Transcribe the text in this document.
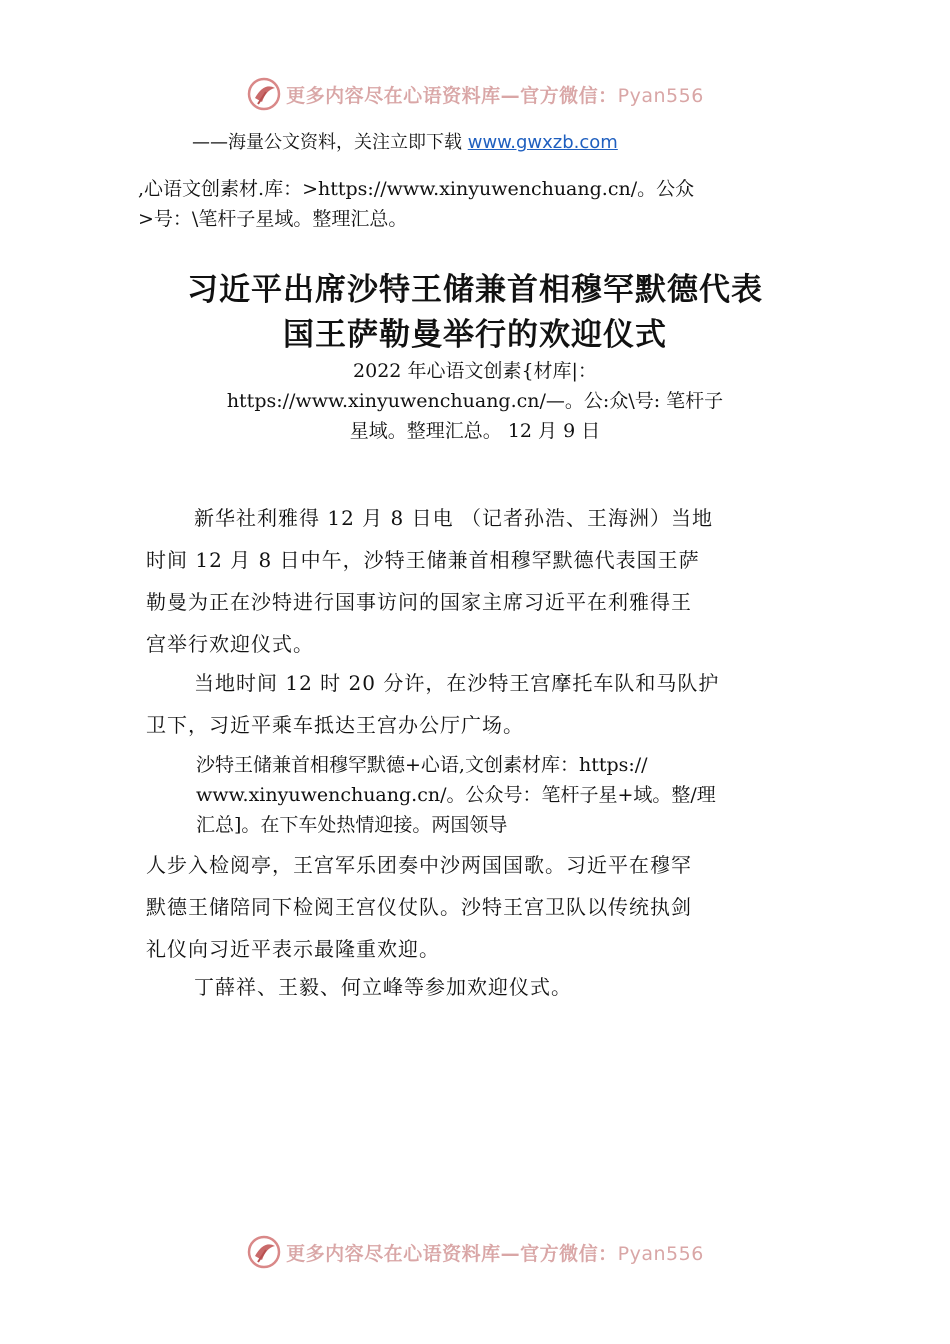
更多内容尽在心语资料库—官方微信：Pyan556
——海量公文资料，关注立即下载 www.gwxzb.com
,心语文创素材.库：>https://www.xinyuwenchuang.cn/。公众
>号：\笔杆子星域。整理汇总。
习近平出席沙特王储兼首相穆罕默德代表
国王萨勒曼举行的欢迎仪式
2022 年心语文创素{材库|：
https://www.xinyuwenchuang.cn/—。公:众\号: 笔杆子
星域。整理汇总。 12 月 9 日
新华社利雅得 12 月 8 日电 （记者孙浩、王海洲）当地
时间 12 月 8 日中午，沙特王储兼首相穆罕默德代表国王萨
勒曼为正在沙特进行国事访问的国家主席习近平在利雅得王
宫举行欢迎仪式。
当地时间 12 时 20 分许，在沙特王宫摩托车队和马队护
卫下，习近平乘车抵达王宫办公厅广场。
沙特王储兼首相穆罕默德+心语,文创素材库：https://
www.xinyuwenchuang.cn/。公众号：笔杆子星+域。整/理
汇总]。在下车处热情迎接。两国领导
人步入检阅亭，王宫军乐团奏中沙两国国歌。习近平在穆罕
默德王储陪同下检阅王宫仪仗队。沙特王宫卫队以传统执剑
礼仪向习近平表示最隆重欢迎。
丁薛祥、王毅、何立峰等参加欢迎仪式。
更多内容尽在心语资料库—官方微信：Pyan556
